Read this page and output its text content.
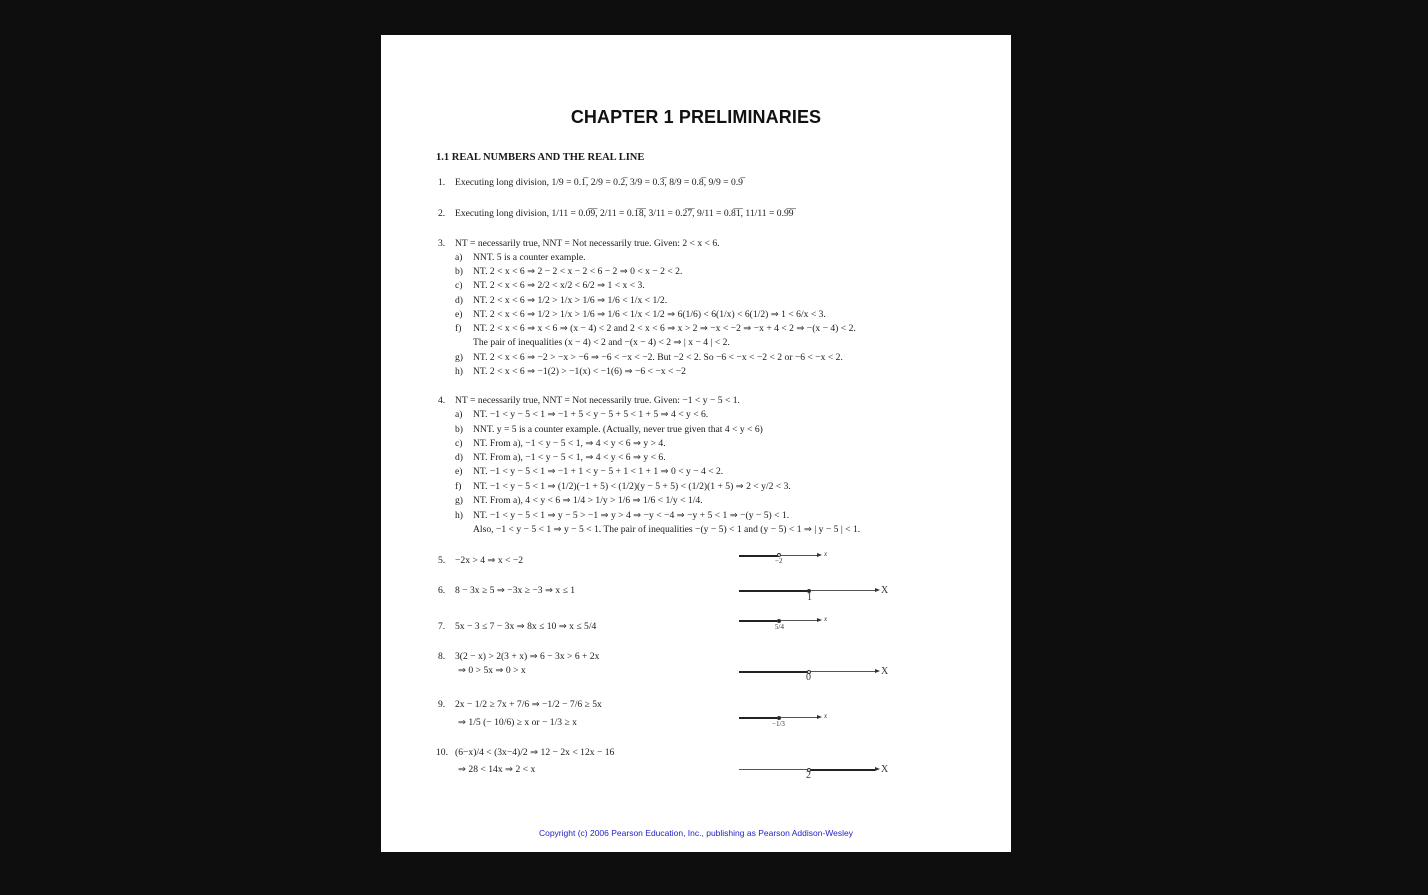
CHAPTER 1 PRELIMINARIES
1.1 REAL NUMBERS AND THE REAL LINE
1. Executing long division, 1/9 = 0.1̅, 2/9 = 0.2̅, 3/9 = 0.3̅, 8/9 = 0.8̅, 9/9 = 0.9̅
2. Executing long division, 1/11 = 0.0̅9̅, 2/11 = 0.1̅8̅, 3/11 = 0.2̅7̅, 9/11 = 0.8̅1̅, 11/11 = 0.9̅9̅
3. NT = necessarily true, NNT = Not necessarily true. Given: 2 < x < 6.
a) NNT. 5 is a counter example.
b) NT. 2 < x < 6 ⇒ 2 − 2 < x − 2 < 6 − 2 ⇒ 0 < x − 2 < 2.
c) NT. 2 < x < 6 ⇒ 2/2 < x/2 < 6/2 ⇒ 1 < x < 3.
d) NT. 2 < x < 6 ⇒ 1/2 > 1/x > 1/6 ⇒ 1/6 < 1/x < 1/2.
e) NT. 2 < x < 6 ⇒ 1/2 > 1/x > 1/6 ⇒ 1/6 < 1/x < 1/2 ⇒ 6(1/6) < 6(1/x) < 6(1/2) ⇒ 1 < 6/x < 3.
f) NT. 2 < x < 6 ⇒ x < 6 ⇒ (x − 4) < 2 and 2 < x < 6 ⇒ x > 2 ⇒ −x < −2 ⇒ −x + 4 < 2 ⇒ −(x − 4) < 2.
The pair of inequalities (x − 4) < 2 and −(x − 4) < 2 ⇒ | x − 4 | < 2.
g) NT. 2 < x < 6 ⇒ −2 > −x > −6 ⇒ −6 < −x < −2. But −2 < 2. So −6 < −x < −2 < 2 or −6 < −x < 2.
h) NT. 2 < x < 6 ⇒ −1(2) > −1(x) < −1(6) ⇒ −6 < −x < −2
4. NT = necessarily true, NNT = Not necessarily true. Given: −1 < y − 5 < 1.
a) NT. −1 < y − 5 < 1 ⇒ −1 + 5 < y − 5 + 5 < 1 + 5 ⇒ 4 < y < 6.
b) NNT. y = 5 is a counter example. (Actually, never true given that 4 < y < 6)
c) NT. From a), −1 < y − 5 < 1, ⇒ 4 < y < 6 ⇒ y > 4.
d) NT. From a), −1 < y − 5 < 1, ⇒ 4 < y < 6 ⇒ y < 6.
e) NT. −1 < y − 5 < 1 ⇒ −1 + 1 < y − 5 + 1 < 1 + 1 ⇒ 0 < y − 4 < 2.
f) NT. −1 < y − 5 < 1 ⇒ (1/2)(−1 + 5) < (1/2)(y − 5 + 5) < (1/2)(1 + 5) ⇒ 2 < y/2 < 3.
g) NT. From a), 4 < y < 6 ⇒ 1/4 > 1/y > 1/6 ⇒ 1/6 < 1/y < 1/4.
h) NT. −1 < y − 5 < 1 ⇒ y − 5 > −1 ⇒ y > 4 ⇒ −y < −4 ⇒ −y + 5 < 1 ⇒ −(y − 5) < 1.
Also, −1 < y − 5 < 1 ⇒ y − 5 < 1. The pair of inequalities −(y − 5) < 1 and (y − 5) < 1 ⇒ | y − 5 | < 1.
5. −2x > 4 ⇒ x < −2	−2
x
6. 8 − 3x ≥ 5 ⇒ −3x ≥ −3 ⇒ x ≤ 1
1
X
7. 5x − 3 ≤ 7 − 3x ⇒ 8x ≤ 10 ⇒ x ≤ 5/4	5/4
x
8. 3(2 − x) > 2(3 + x) ⇒ 6 − 3x > 6 + 2x
⇒ 0 > 5x ⇒ 0 > x
0
X
9. 2x − 1/2 ≥ 7x + 7/6 ⇒ −1/2 − 7/6 ≥ 5x
⇒ 1/5 (− 10/6) ≥ x or − 1/3 ≥ x	−1/3
x
10. (6−x)/4 < (3x−4)/2 ⇒ 12 − 2x < 12x − 16
⇒ 28 < 14x ⇒ 2 < x
2
X
Copyright (c) 2006 Pearson Education, Inc., publishing as Pearson Addison-Wesley
